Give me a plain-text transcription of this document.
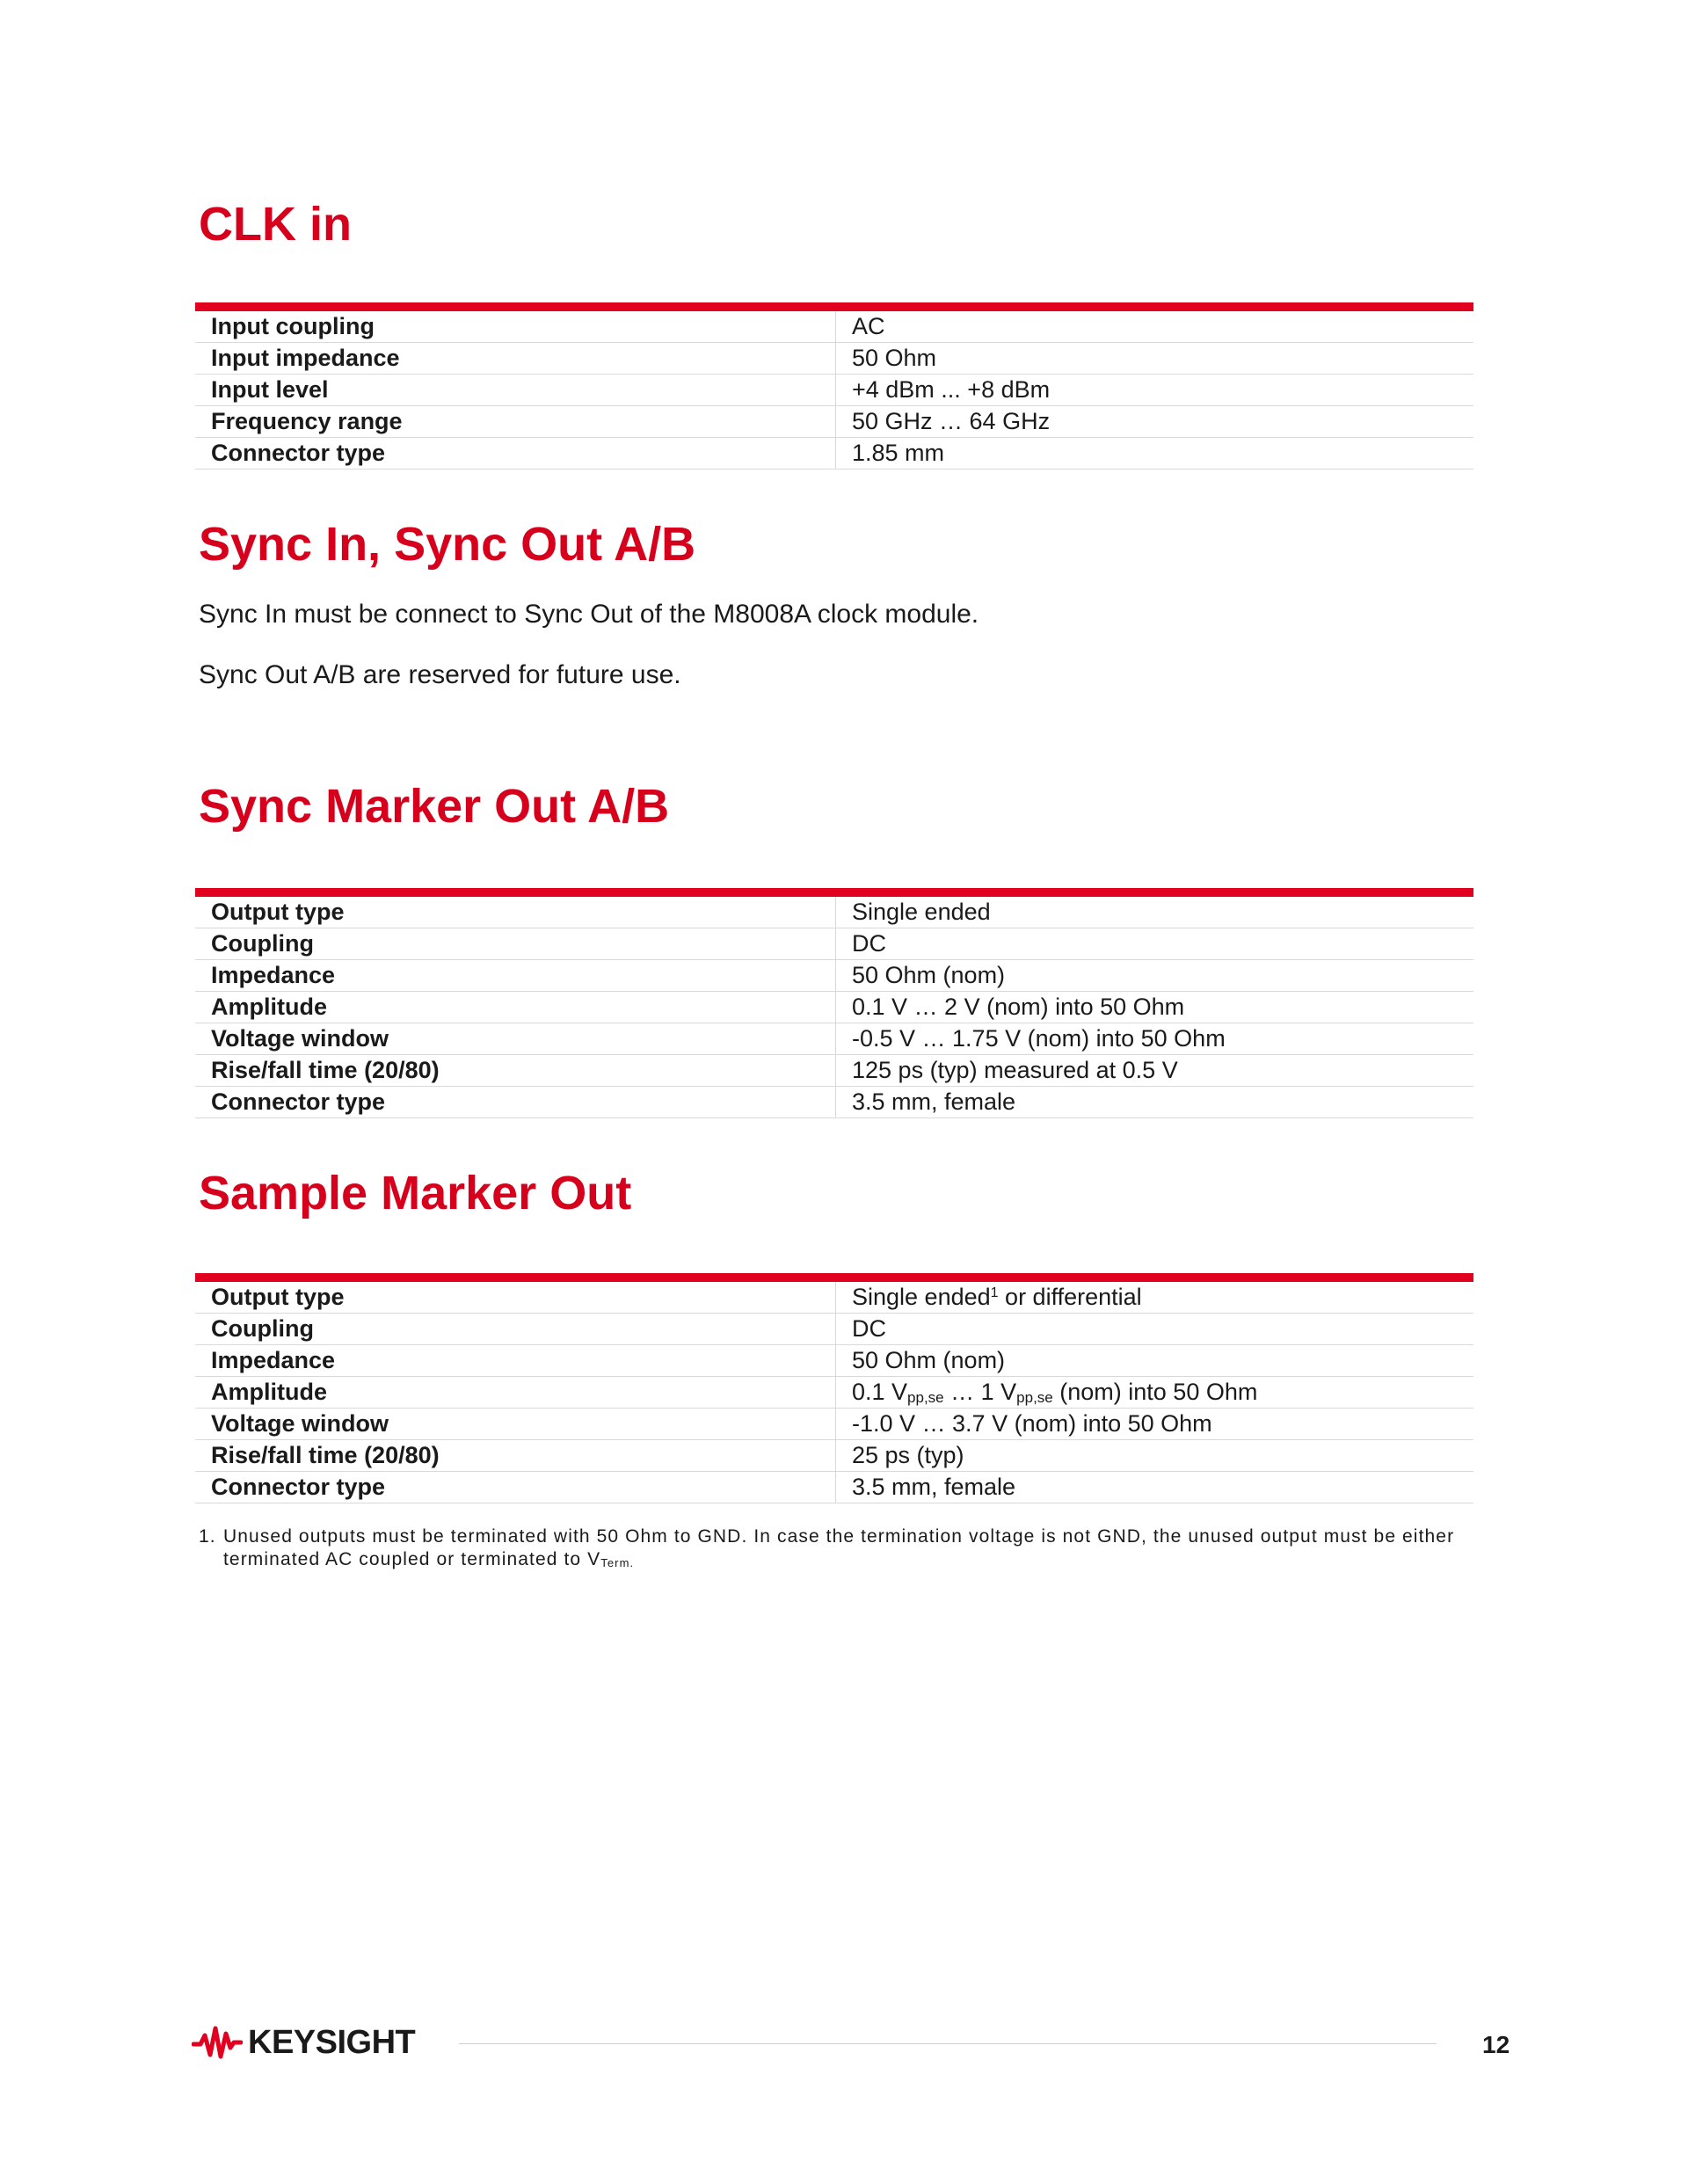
CLK in
Input coupling	AC
Input impedance	50 Ohm
Input level	+4 dBm ... +8 dBm
Frequency range	50 GHz … 64 GHz
Connector type	1.85 mm
Sync In, Sync Out A/B

Sync In must be connect to Sync Out of the M8008A clock module.

Sync Out A/B are reserved for future use.

Sync Marker Out A/B
Output type	Single ended
Coupling	DC
Impedance	50 Ohm (nom)
Amplitude	0.1 V … 2 V (nom) into 50 Ohm
Voltage window	-0.5 V … 1.75 V (nom) into 50 Ohm
Rise/fall time (20/80)	125 ps (typ) measured at 0.5 V
Connector type	3.5 mm, female
Sample Marker Out
Output type	Single ended$^1$ or differential
Coupling	DC
Impedance	50 Ohm (nom)
Amplitude	0.1 $V_{pp,se}$ … 1 $V_{pp,se}$ (nom) into 50 Ohm
Voltage window	-1.0 V … 3.7 V (nom) into 50 Ohm
Rise/fall time (20/80)	25 ps (typ)
Connector type	3.5 mm, female
1. Unused outputs must be terminated with 50 Ohm to GND. In case the termination voltage is not GND, the unused output must be either terminated AC coupled or terminated to $V_{Term.}$
KEYSIGHT	12
